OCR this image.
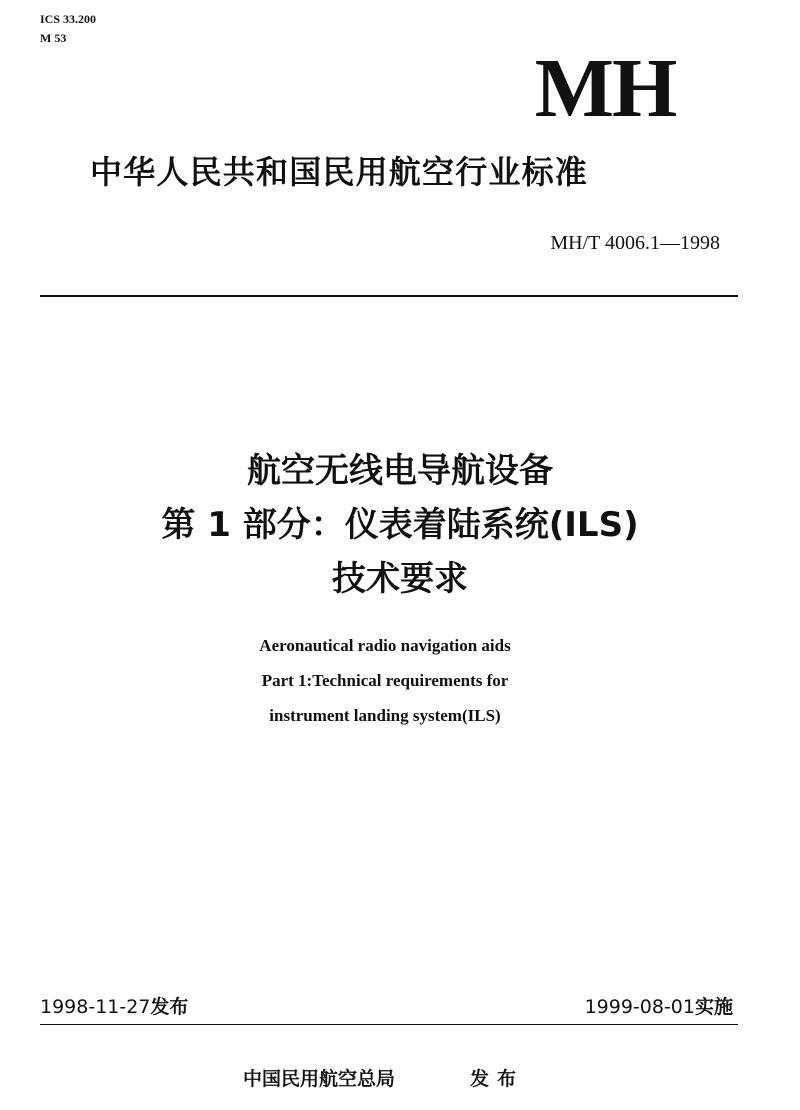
ICS 33.200
M 53
MH
中华人民共和国民用航空行业标准
MH/T 4006.1—1998
航空无线电导航设备
第 1 部分：仪表着陆系统(ILS)
技术要求
Aeronautical radio navigation aids
Part 1:Technical requirements for
instrument landing system(ILS)
1998-11-27发布	1999-08-01实施
中国民用航空总局	发布
